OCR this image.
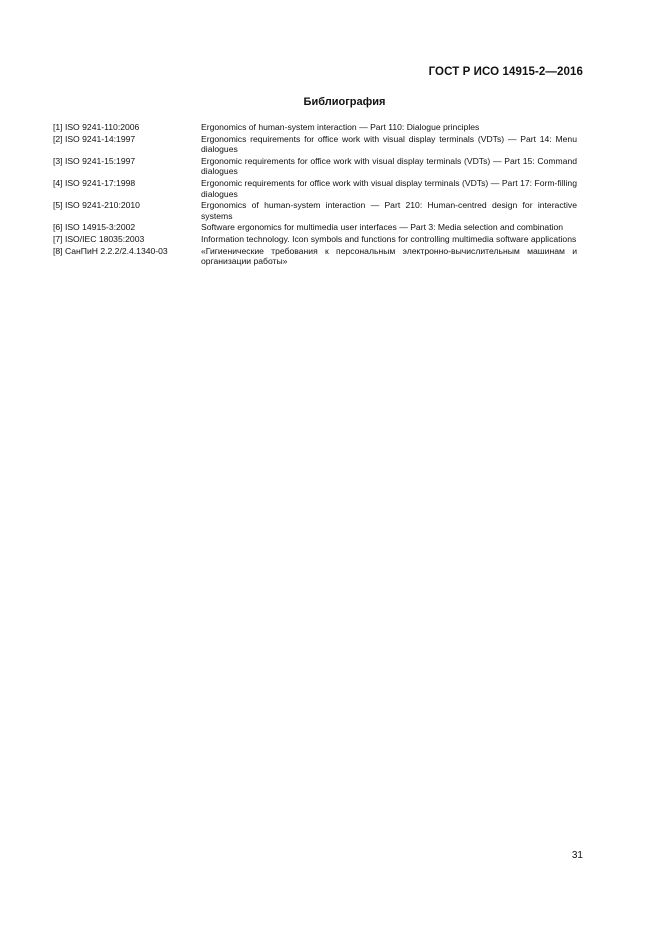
ГОСТ Р ИСО 14915-2—2016
Библиография
[1] ISO 9241-110:2006	Ergonomics of human-system interaction — Part 110: Dialogue principles
[2] ISO 9241-14:1997	Ergonomics requirements for office work with visual display terminals (VDTs) — Part 14: Menu dialogues
[3] ISO 9241-15:1997	Ergonomic requirements for office work with visual display terminals (VDTs) — Part 15: Command dialogues
[4] ISO 9241-17:1998	Ergonomic requirements for office work with visual display terminals (VDTs) — Part 17: Form-filling dialogues
[5] ISO 9241-210:2010	Ergonomics of human-system interaction — Part 210: Human-centred design for interactive systems
[6] ISO 14915-3:2002	Software ergonomics for multimedia user interfaces — Part 3: Media selection and combination
[7] ISO/IEC 18035:2003	Information technology. Icon symbols and functions for controlling multimedia software applications
[8] СанПиН 2.2.2/2.4.1340-03	«Гигиенические требования к персональным электронно-вычислительным машинам и организации работы»
31
